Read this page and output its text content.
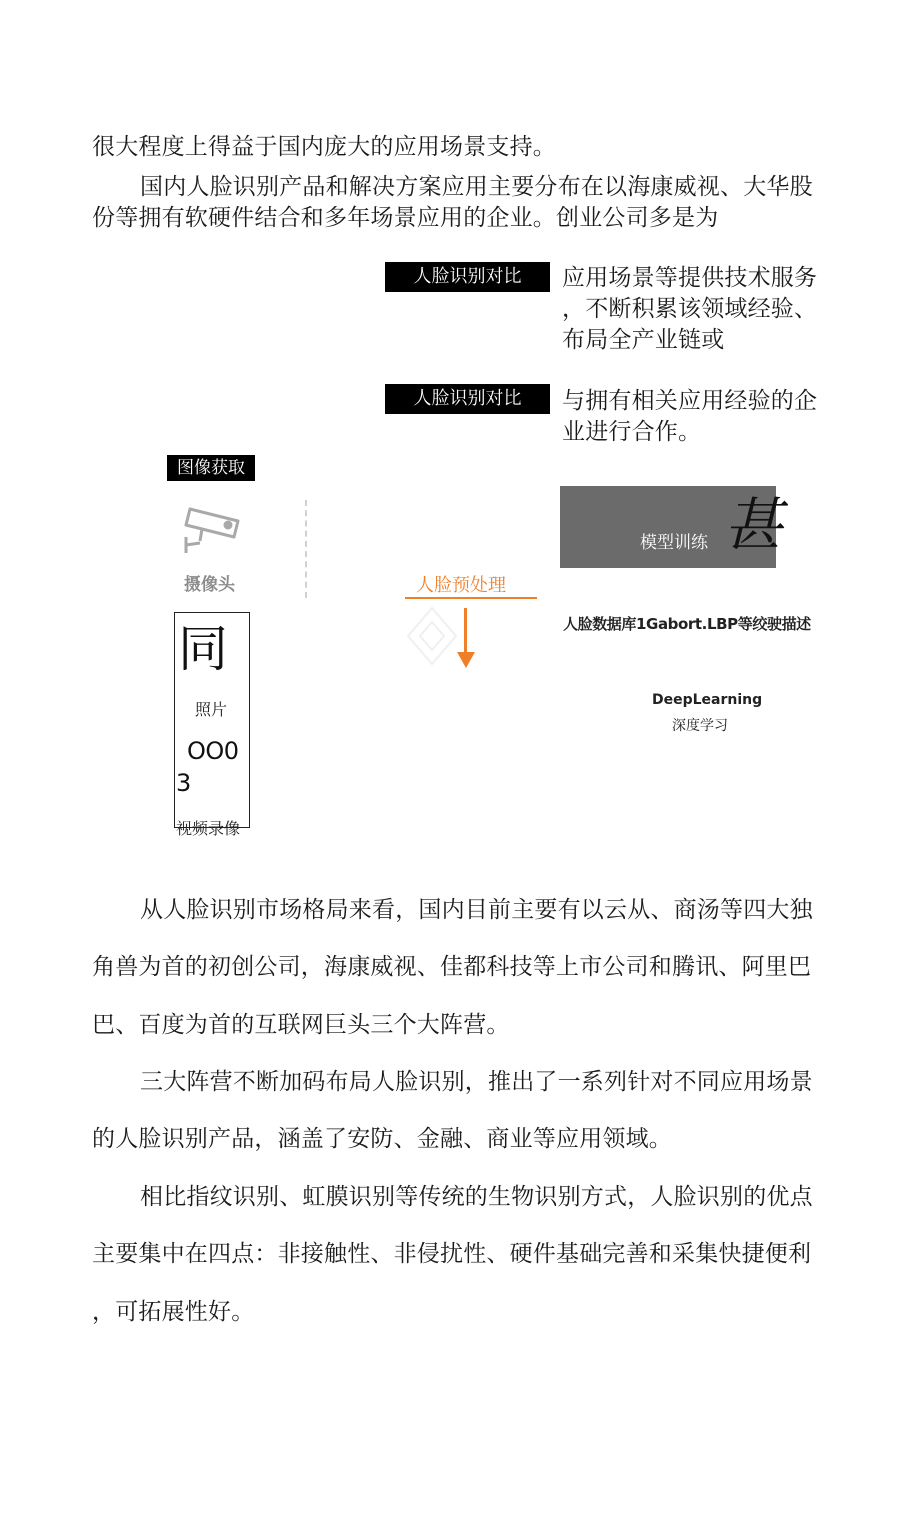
很大程度上得益于国内庞大的应用场景支持。
国内人脸识别产品和解决方案应用主要分布在以海康威视、大华股
份等拥有软硬件结合和多年场景应用的企业。创业公司多是为
人脸识别对比	应用场景等提供技术服务
，不断积累该领域经验、
布局全产业链或
人脸识别对比	与拥有相关应用经验的企
业进行合作。
图像获取
摄像头	人脸预处理
模型训练 甚
人脸数据库1Gabort.LBP等绞驶描述
DeepLearning
深度学习
同
照片
OO0
3
视频录像
从人脸识别市场格局来看，国内目前主要有以云从、商汤等四大独
角兽为首的初创公司，海康威视、佳都科技等上市公司和腾讯、阿里巴
巴、百度为首的互联网巨头三个大阵营。
三大阵营不断加码布局人脸识别，推出了一系列针对不同应用场景
的人脸识别产品，涵盖了安防、金融、商业等应用领域。
相比指纹识别、虹膜识别等传统的生物识别方式，人脸识别的优点
主要集中在四点：非接触性、非侵扰性、硬件基础完善和采集快捷便利
，可拓展性好。
